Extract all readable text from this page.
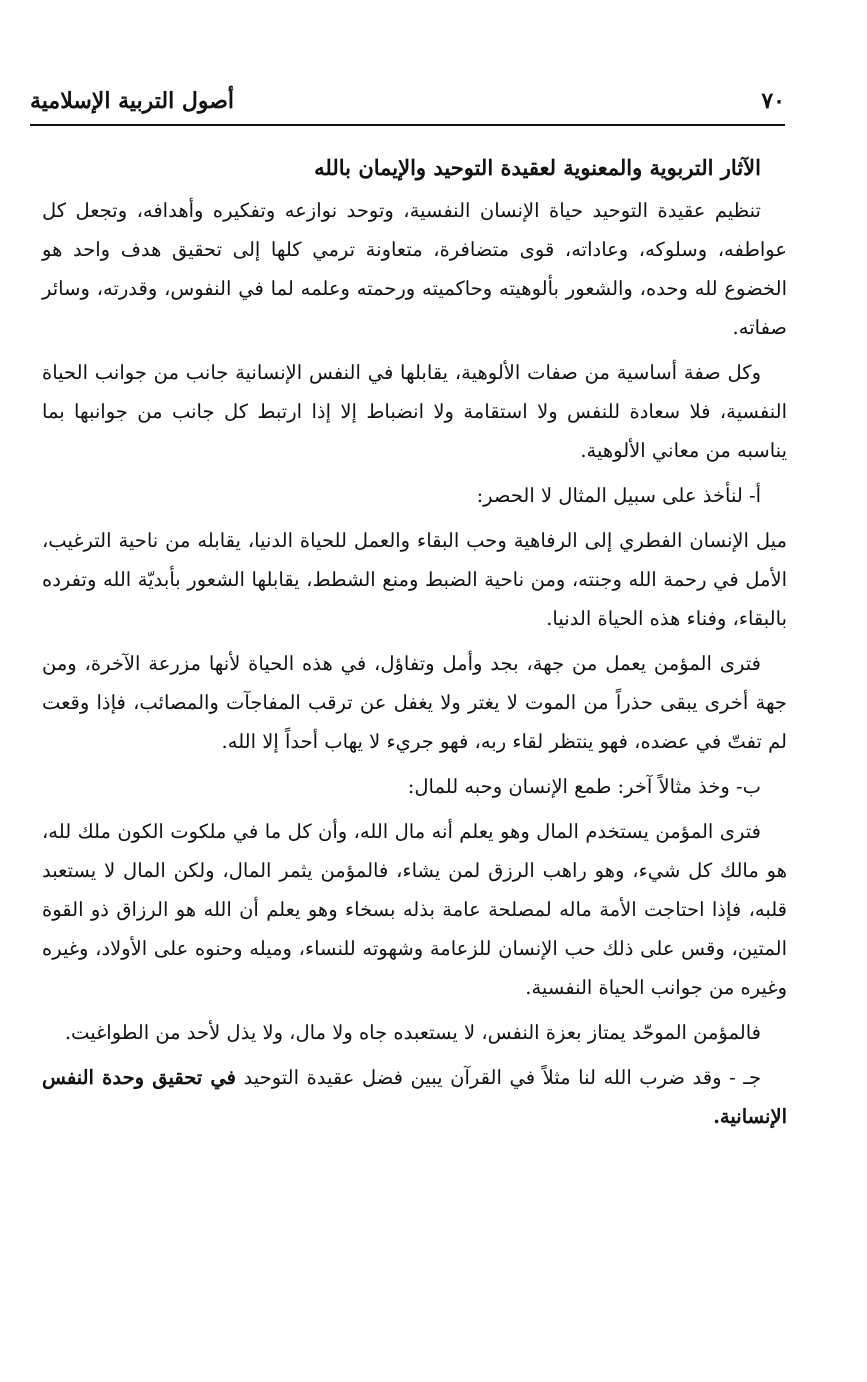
٧٠
أصول التربية الإسلامية

الآثار التربوية والمعنوية لعقيدة التوحيد والإيمان بالله

تنظيم عقيدة التوحيد حياة الإنسان النفسية، وتوحد نوازعه وتفكيره وأهدافه، وتجعل كل عواطفه، وسلوكه، وعاداته، قوى متضافرة، متعاونة ترمي كلها إلى تحقيق هدف واحد هو الخضوع لله وحده، والشعور بألوهيته وحاكميته ورحمته وعلمه لما في النفوس، وقدرته، وسائر صفاته.

وكل صفة أساسية من صفات الألوهية، يقابلها في النفس الإنسانية جانب من جوانب الحياة النفسية، فلا سعادة للنفس ولا استقامة ولا انضباط إلا إذا ارتبط كل جانب من جوانبها بما يناسبه من معاني الألوهية.

أ- لنأخذ على سبيل المثال لا الحصر:

ميل الإنسان الفطري إلى الرفاهية وحب البقاء والعمل للحياة الدنيا، يقابله من ناحية الترغيب، الأمل في رحمة الله وجنته، ومن ناحية الضبط ومنع الشطط، يقابلها الشعور بأبديّة الله وتفرده بالبقاء، وفناء هذه الحياة الدنيا.

فترى المؤمن يعمل من جهة، بجد وأمل وتفاؤل، في هذه الحياة لأنها مزرعة الآخرة، ومن جهة أخرى يبقى حذراً من الموت لا يغتر ولا يغفل عن ترقب المفاجآت والمصائب، فإذا وقعت لم تفتّ في عضده، فهو ينتظر لقاء ربه، فهو جريء لا يهاب أحداً إلا الله.

ب- وخذ مثالاً آخر: طمع الإنسان وحبه للمال:

فترى المؤمن يستخدم المال وهو يعلم أنه مال الله، وأن كل ما في ملكوت الكون ملك لله، هو مالك كل شيء، وهو راهب الرزق لمن يشاء، فالمؤمن يثمر المال، ولكن المال لا يستعبد قلبه، فإذا احتاجت الأمة ماله لمصلحة عامة بذله بسخاء وهو يعلم أن الله هو الرزاق ذو القوة المتين، وقس على ذلك حب الإنسان للزعامة وشهوته للنساء، وميله وحنوه على الأولاد، وغيره وغيره من جوانب الحياة النفسية.

فالمؤمن الموحّد يمتاز بعزة النفس، لا يستعبده جاه ولا مال، ولا يذل لأحد من الطواغيت.

جـ - وقد ضرب الله لنا مثلاً في القرآن يبين فضل عقيدة التوحيد في تحقيق وحدة النفس الإنسانية.
